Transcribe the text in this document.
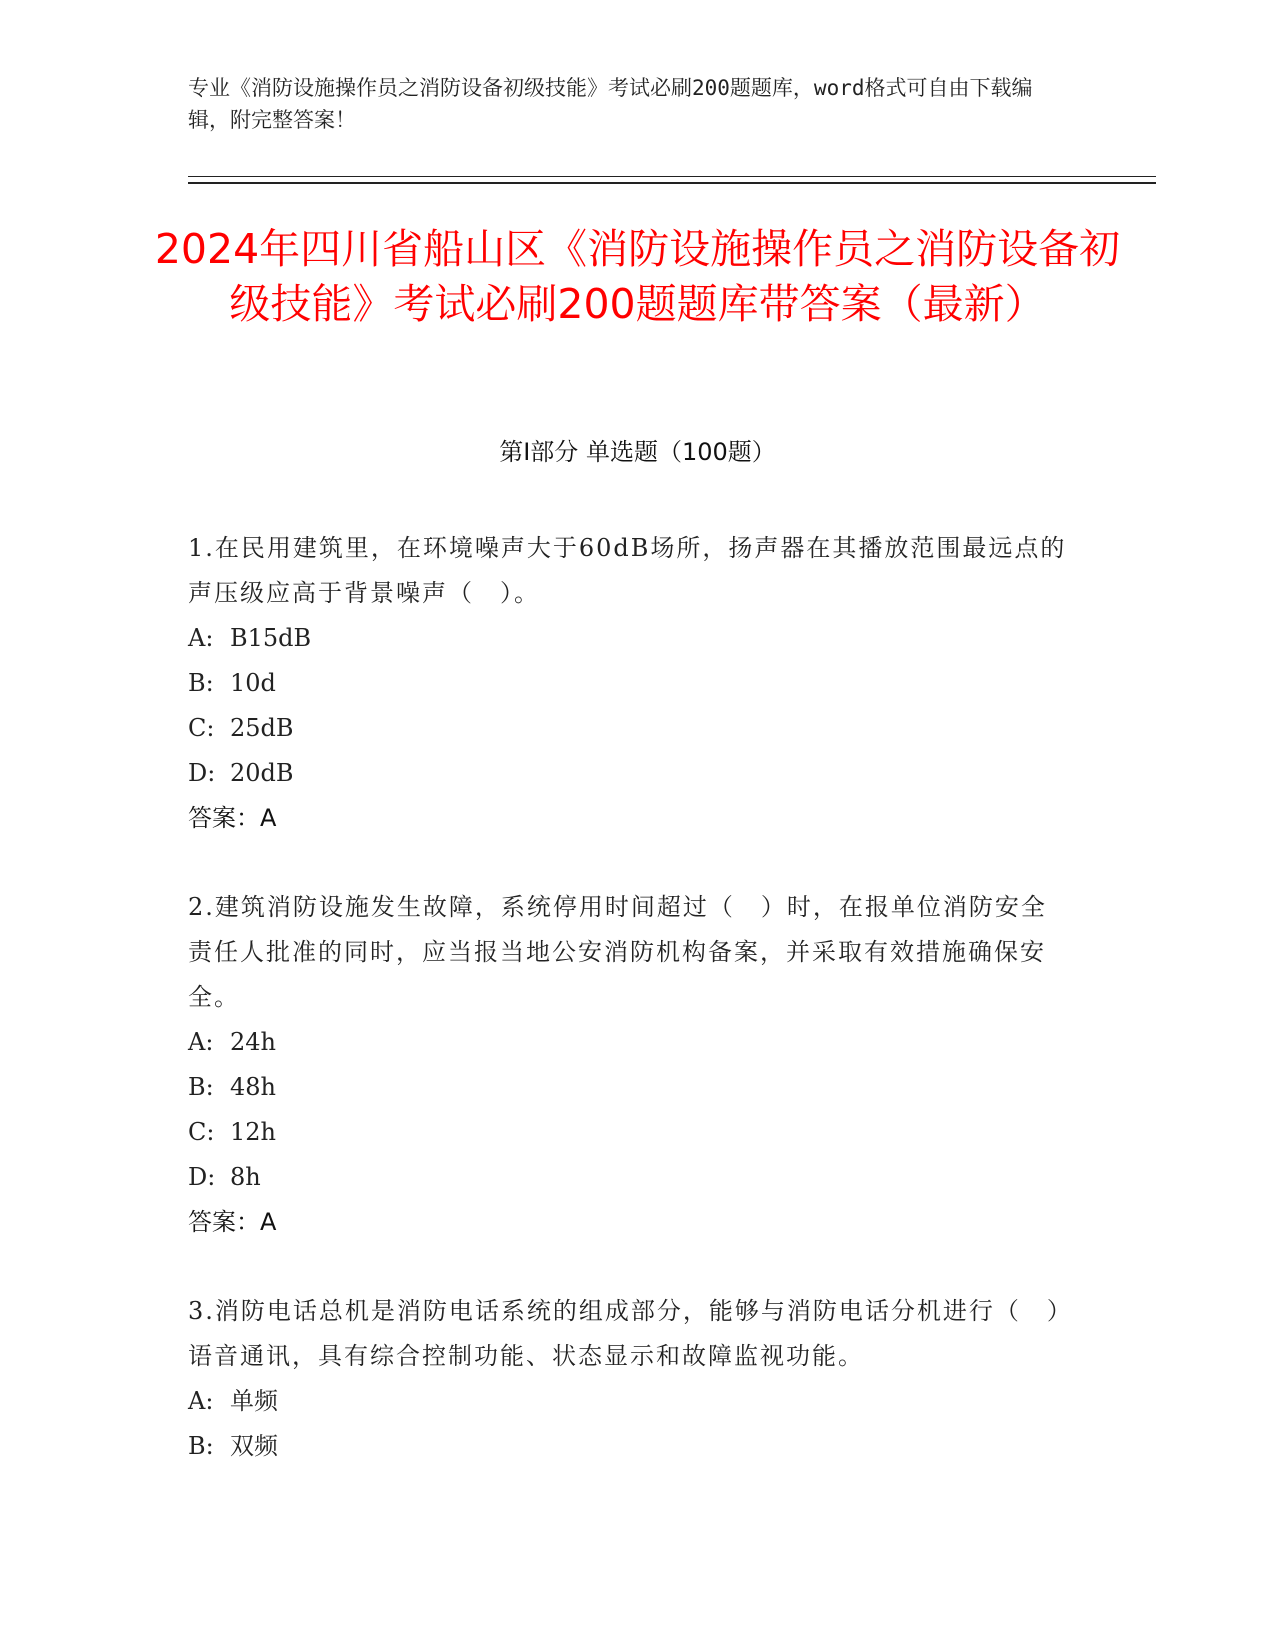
专业《消防设施操作员之消防设备初级技能》考试必刷200题题库，word格式可自由下载编辑，附完整答案！
2024年四川省船山区《消防设施操作员之消防设备初级技能》考试必刷200题题库带答案（最新）
第Ⅰ部分 单选题（100题）
1.在民用建筑里，在环境噪声大于60dB场所，扬声器在其播放范围最远点的声压级应高于背景噪声（　）。
A: B15dB
B: 10d
C: 25dB
D: 20dB
答案：A
2.建筑消防设施发生故障，系统停用时间超过（　）时，在报单位消防安全责任人批准的同时，应当报当地公安消防机构备案，并采取有效措施确保安全。
A: 24h
B: 48h
C: 12h
D: 8h
答案：A
3.消防电话总机是消防电话系统的组成部分，能够与消防电话分机进行（　）语音通讯，具有综合控制功能、状态显示和故障监视功能。
A: 单频
B: 双频
